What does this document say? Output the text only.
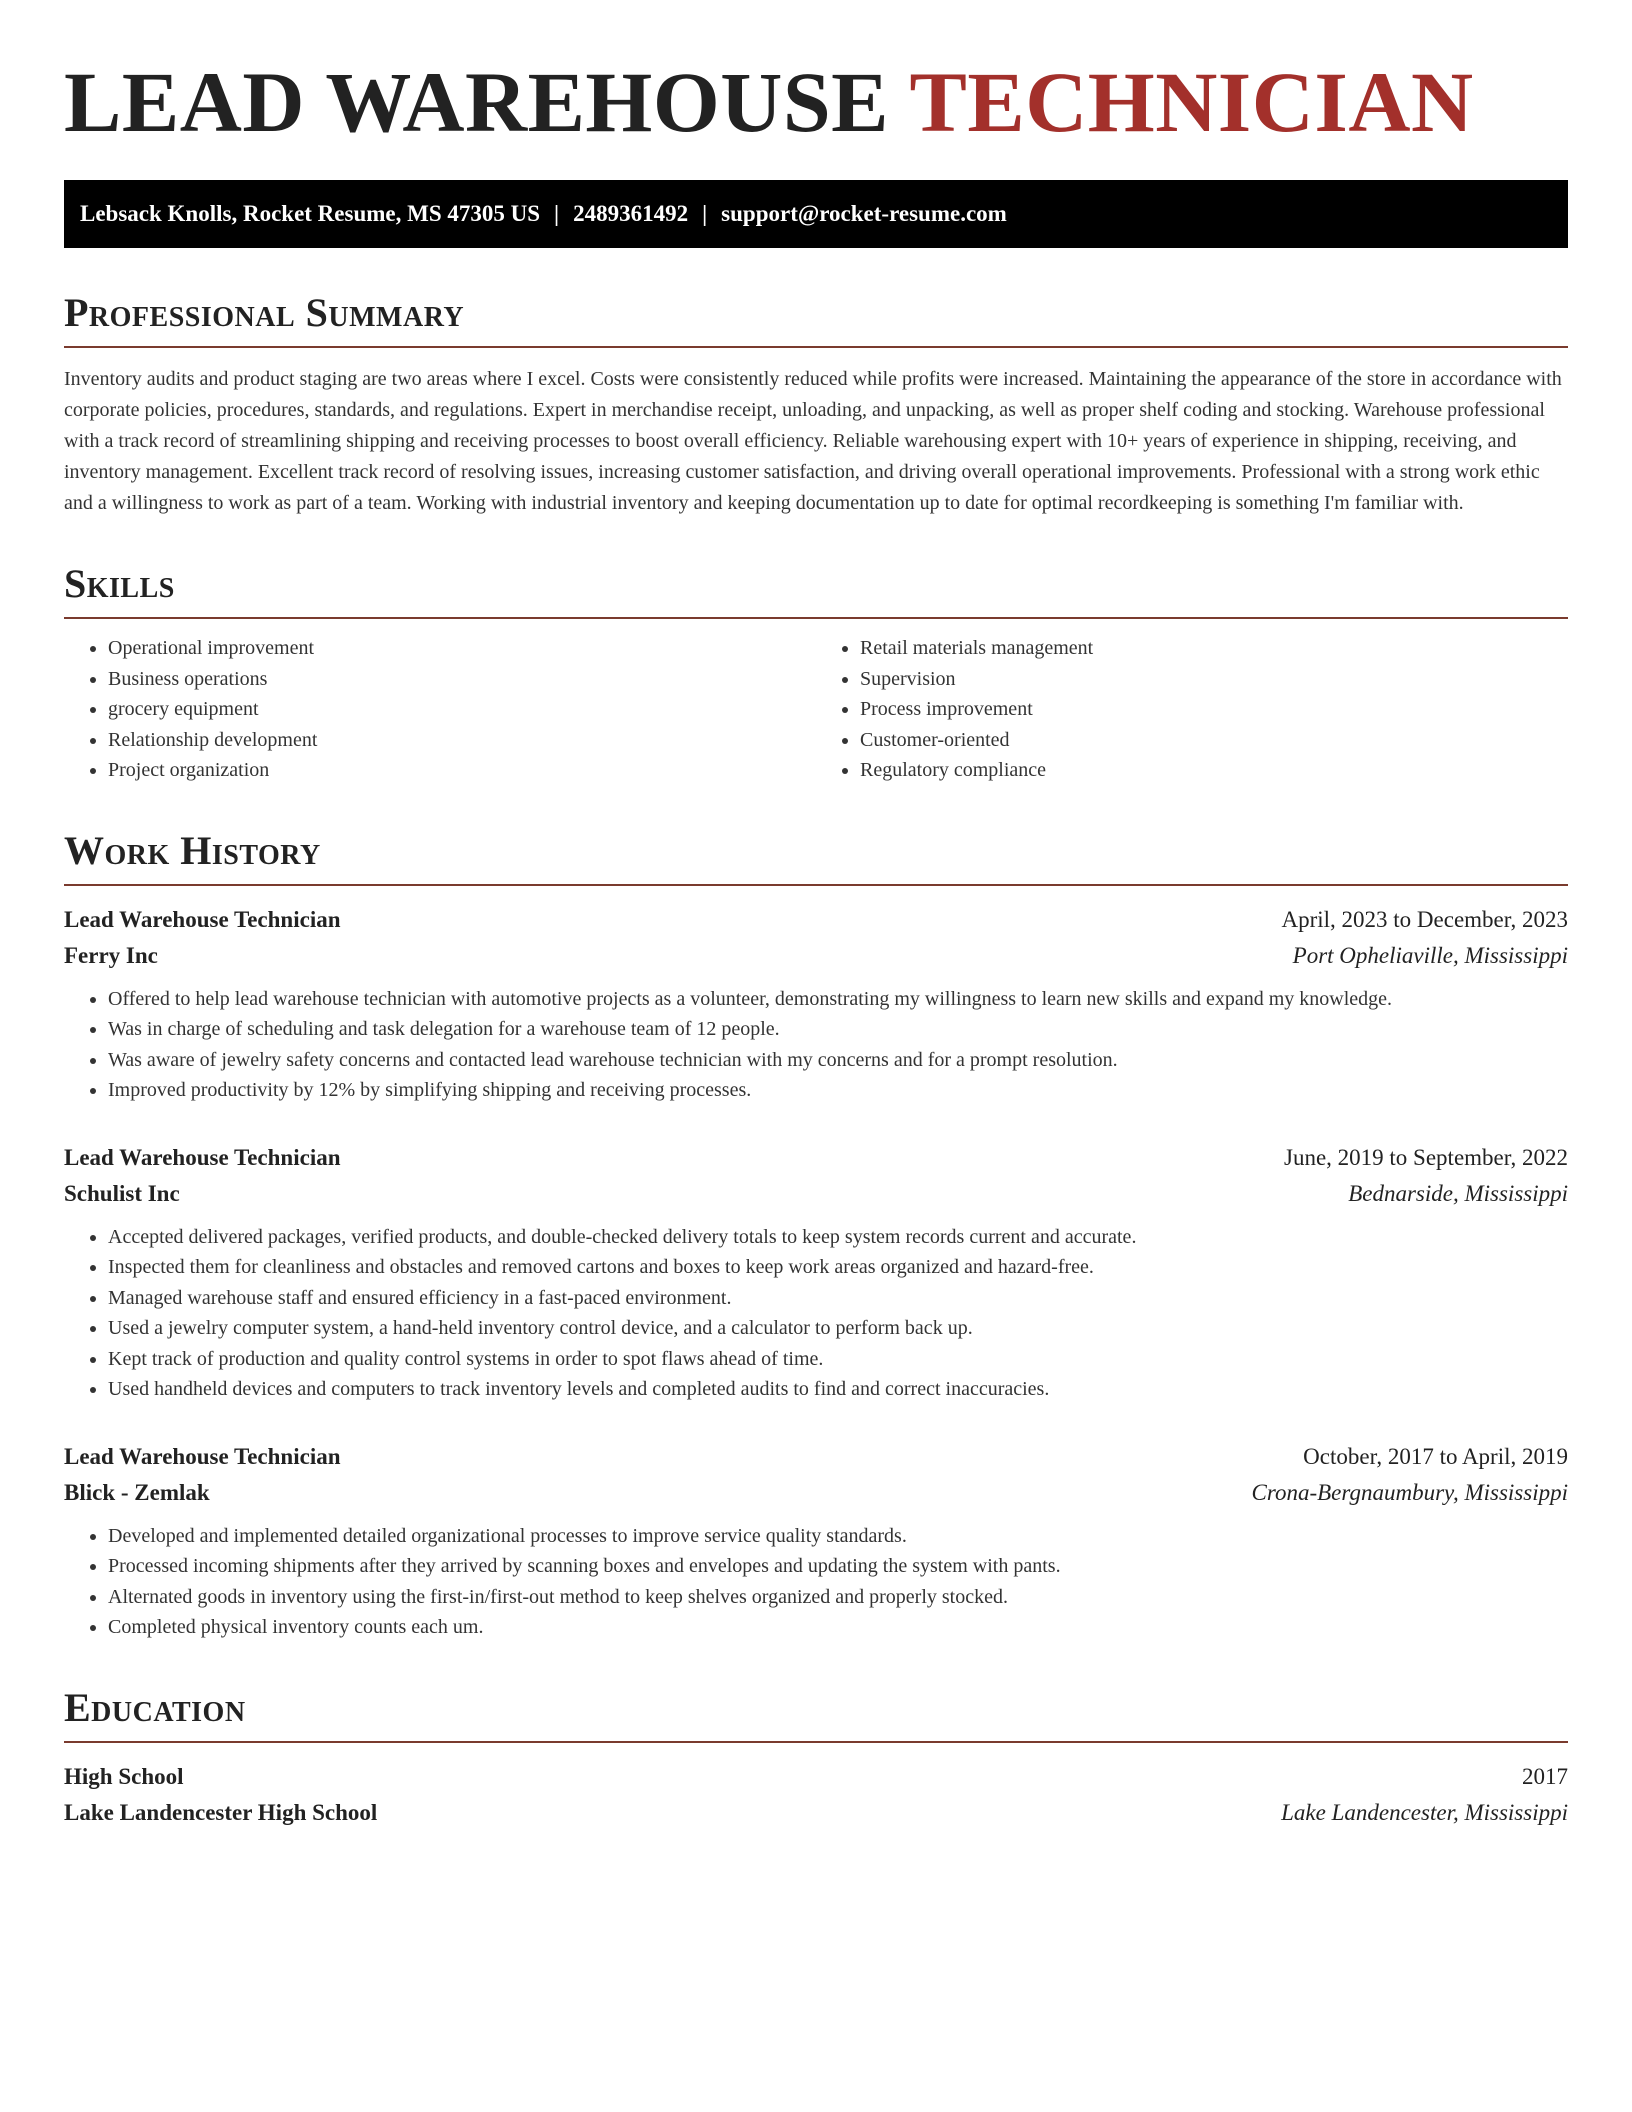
LEAD WAREHOUSE TECHNICIAN
Lebsack Knolls, Rocket Resume, MS 47305 US | 2489361492 | support@rocket-resume.com
Professional Summary

Inventory audits and product staging are two areas where I excel. Costs were consistently reduced while profits were increased. Maintaining the appearance of the store in accordance with corporate policies, procedures, standards, and regulations. Expert in merchandise receipt, unloading, and unpacking, as well as proper shelf coding and stocking. Warehouse professional with a track record of streamlining shipping and receiving processes to boost overall efficiency. Reliable warehousing expert with 10+ years of experience in shipping, receiving, and inventory management. Excellent track record of resolving issues, increasing customer satisfaction, and driving overall operational improvements. Professional with a strong work ethic and a willingness to work as part of a team. Working with industrial inventory and keeping documentation up to date for optimal recordkeeping is something I'm familiar with.

Skills
• Operational improvement
• Business operations
• grocery equipment
• Relationship development
• Project organization
• Retail materials management
• Supervision
• Process improvement
• Customer-oriented
• Regulatory compliance
Work History
Lead Warehouse Technician	April, 2023 to December, 2023
Ferry Inc	Port Opheliaville, Mississippi
• Offered to help lead warehouse technician with automotive projects as a volunteer, demonstrating my willingness to learn new skills and expand my knowledge.
• Was in charge of scheduling and task delegation for a warehouse team of 12 people.
• Was aware of jewelry safety concerns and contacted lead warehouse technician with my concerns and for a prompt resolution.
• Improved productivity by 12% by simplifying shipping and receiving processes.
Lead Warehouse Technician	June, 2019 to September, 2022
Schulist Inc	Bednarside, Mississippi
• Accepted delivered packages, verified products, and double-checked delivery totals to keep system records current and accurate.
• Inspected them for cleanliness and obstacles and removed cartons and boxes to keep work areas organized and hazard-free.
• Managed warehouse staff and ensured efficiency in a fast-paced environment.
• Used a jewelry computer system, a hand-held inventory control device, and a calculator to perform back up.
• Kept track of production and quality control systems in order to spot flaws ahead of time.
• Used handheld devices and computers to track inventory levels and completed audits to find and correct inaccuracies.
Lead Warehouse Technician	October, 2017 to April, 2019
Blick - Zemlak	Crona-Bergnaumbury, Mississippi
• Developed and implemented detailed organizational processes to improve service quality standards.
• Processed incoming shipments after they arrived by scanning boxes and envelopes and updating the system with pants.
• Alternated goods in inventory using the first-in/first-out method to keep shelves organized and properly stocked.
• Completed physical inventory counts each um.
Education
High School	2017
Lake Landencester High School	Lake Landencester, Mississippi
